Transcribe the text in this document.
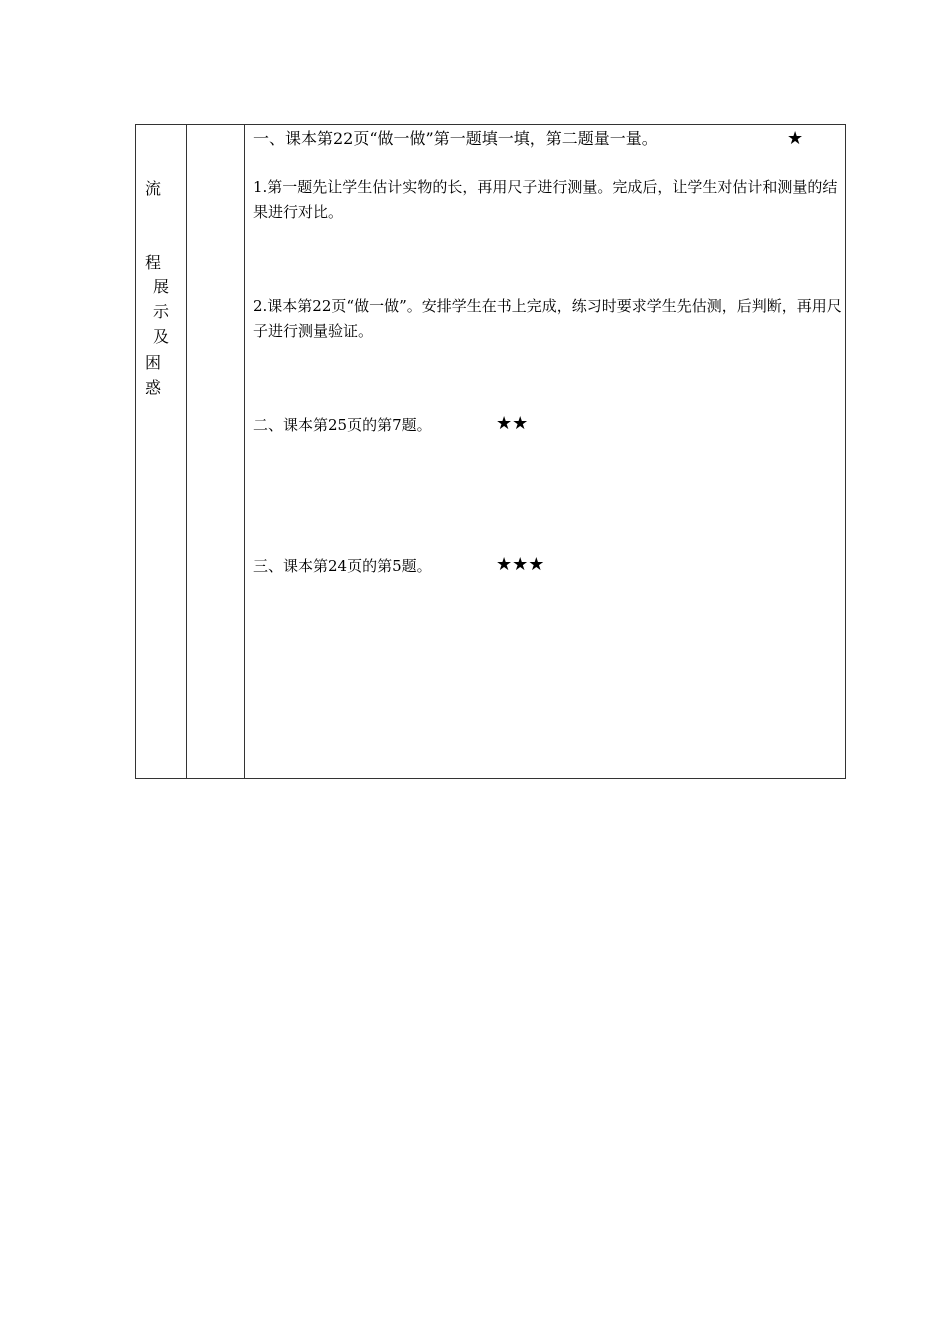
流
程
展
示
及
困
惑
一、课本第22页“做一做”第一题填一填，第二题量一量。	★
1.第一题先让学生估计实物的长，再用尺子进行测量。完成后，让学生对估计和测量的结果进行对比。
2.课本第22页“做一做”。安排学生在书上完成，练习时要求学生先估测，后判断，再用尺子进行测量验证。
二、课本第25页的第7题。	★★
三、课本第24页的第5题。	★★★
